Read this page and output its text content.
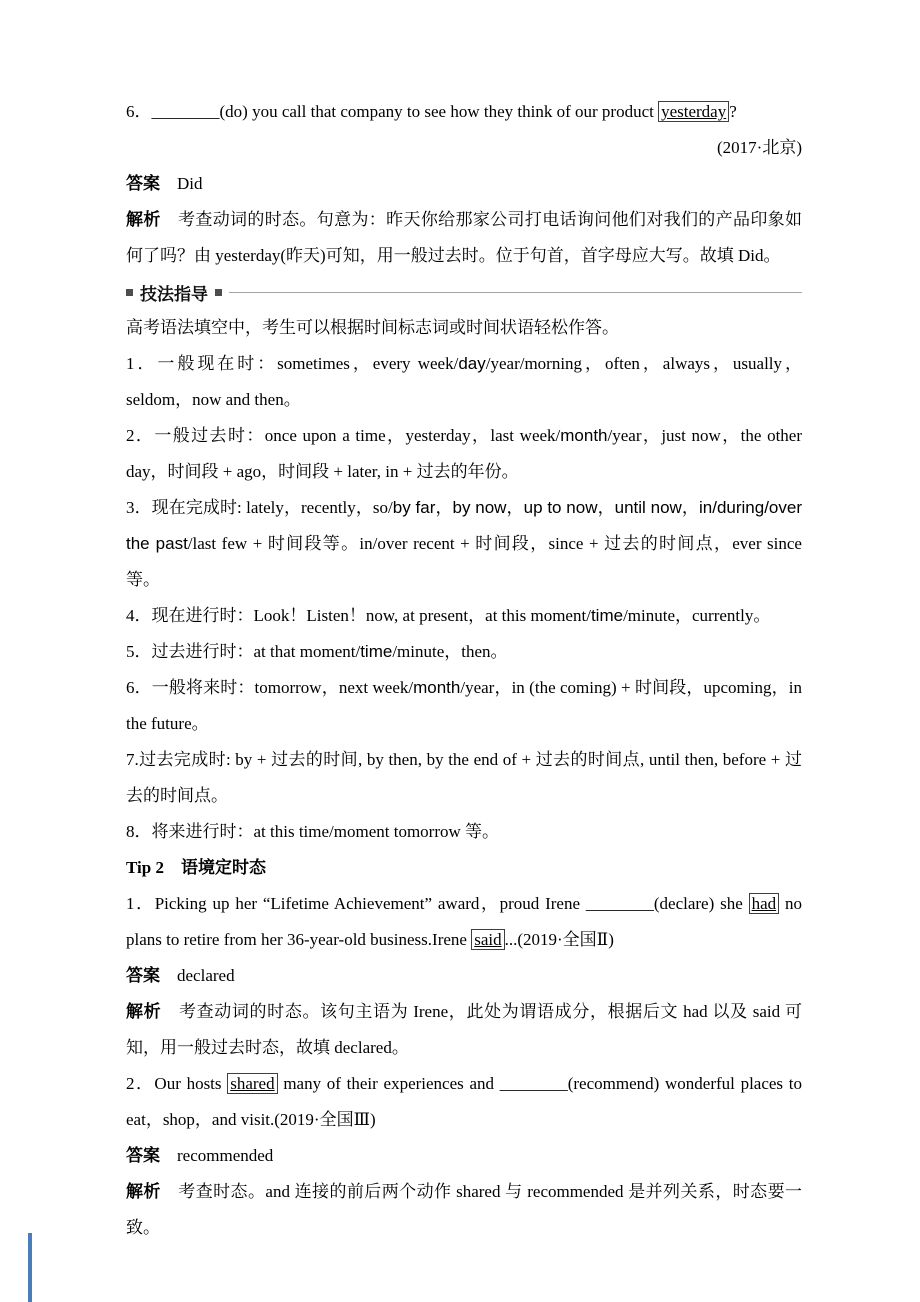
6．________(do) you call that company to see how they think of our product yesterday ?

(2017·北京)

答案　Did

解析　考查动词的时态。句意为：昨天你给那家公司打电话询问他们对我们的产品印象如何了吗？由 yesterday(昨天)可知，用一般过去时。位于句首，首字母应大写。故填 Did。

技法指导

高考语法填空中，考生可以根据时间标志词或时间状语轻松作答。

1．一般现在时：sometimes，every week/day/year/morning，often，always，usually，seldom，now and then。

2．一般过去时：once upon a time，yesterday，last week/month/year，just now，the other day，时间段 + ago，时间段 + later, in + 过去的年份。

3．现在完成时: lately，recently，so/by far，by now，up to now，until now，in/during/over the past/last few + 时间段等。in/over recent + 时间段，since + 过去的时间点，ever since 等。

4．现在进行时：Look！Listen！now, at present，at this moment/time/minute，currently。

5．过去进行时：at that moment/time/minute，then。

6．一般将来时：tomorrow，next week/month/year，in (the coming) + 时间段，upcoming，in the future。

7.过去完成时: by + 过去的时间, by then, by the end of + 过去的时间点, until then, before + 过去的时间点。

8．将来进行时：at this time/moment tomorrow 等。

Tip 2　语境定时态

1．Picking up her “Lifetime Achievement” award，proud Irene ________(declare) she had no plans to retire from her 36-year-old business.Irene said ...(2019·全国Ⅱ)

答案　declared

解析　考查动词的时态。该句主语为 Irene，此处为谓语成分，根据后文 had 以及 said 可知，用一般过去时态，故填 declared。

2．Our hosts shared many of their experiences and ________(recommend) wonderful places to eat，shop，and visit.(2019·全国Ⅲ)

答案　recommended

解析　考查时态。and 连接的前后两个动作 shared 与 recommended 是并列关系，时态要一致。
